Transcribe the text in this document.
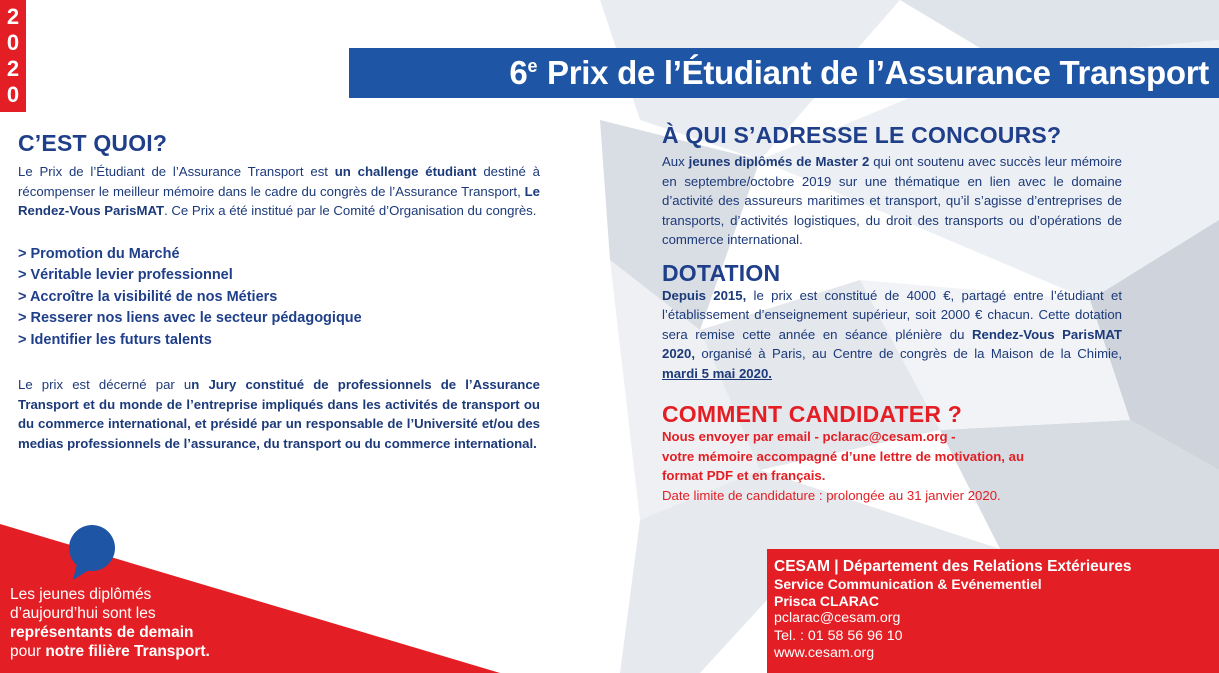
2
0
2
0
6e Prix de l’Étudiant de l’Assurance Transport
C’EST QUOI?

Le Prix de l’Étudiant de l’Assurance Transport est un challenge étudiant destiné à récompenser le meilleur mémoire dans le cadre du congrès de l’Assurance Transport, Le Rendez-Vous ParisMAT. Ce Prix a été institué par le Comité d’Organisation du congrès.

> Promotion du Marché
> Véritable levier professionnel
> Accroître la visibilité de nos Métiers
> Resserer nos liens avec le secteur pédagogique
> Identifier les futurs talents

Le prix est décerné par un Jury constitué de professionnels de l’Assurance Transport et du monde de l’entreprise impliqués dans les activités de transport ou du commerce international, et présidé par un responsable de l’Université et/ou des medias professionnels de l’assurance, du transport ou du commerce international.

À QUI S’ADRESSE LE CONCOURS?

Aux jeunes diplômés de Master 2 qui ont soutenu avec succès leur mémoire en septembre/octobre 2019 sur une thématique en lien avec le domaine d’activité des assureurs maritimes et transport, qu’il s’agisse d’entreprises de transports, d’activités logistiques, du droit des transports ou d’opérations de commerce international.

DOTATION

Depuis 2015, le prix est constitué de 4000 €, partagé entre l’étudiant et l’établissement d’enseignement supérieur, soit 2000 € chacun. Cette dotation sera remise cette année en séance plénière du Rendez-Vous ParisMAT 2020, organisé à Paris, au Centre de congrès de la Maison de la Chimie, mardi 5 mai 2020.

COMMENT CANDIDATER ?
Nous envoyer par email - pclarac@cesam.org -
votre mémoire accompagné d’une lettre de motivation, au
format PDF et en français.
Date limite de candidature : prolongée au 31 janvier 2020.
Les jeunes diplômés
d’aujourd’hui sont les
représentants de demain
pour notre filière Transport.
CESAM | Département des Relations Extérieures
Service Communication & Evénementiel
Prisca CLARAC
pclarac@cesam.org
Tel. : 01 58 56 96 10
www.cesam.org
